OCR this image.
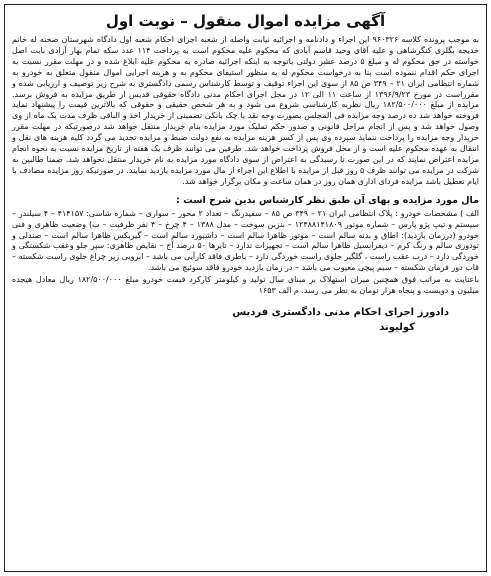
آگهی مزایده اموال منقول – نوبت اول

به موجب پرونده کلاسه ۹۶۰۳۲۶ این اجراء و دادنامه و اجرائیه نیابت واصله از شعبه اجرای احکام شعبه اول دادگاه شهرستان صحنه له خانم خدیجه بگلری کنگرشاهی و علیه آقای وحید قاسم آبادی که محکوم علیه محکوم است به پرداخت ۱۱۴ عدد سکه تمام بهار آزادی بابت اصل خواسته در حق محکوم له و مبلغ ۵ درصد عشر دولتی باتوجه به اینکه اجرائیه صادره به محکوم علیه ابلاغ شده و در مهلت مقرر نسبت به اجرای حکم اقدام ننموده است بنا به درخواست محکوم له به منظور استیفای محکوم به و هزینه اجرایی اموال منقول متعلق به خودرو به شماره انتظامی ایران ۲۱ – ۳۴۹ ص ۸۵ از سوی این اجراء توقیف و توسط کارشناس رسمی دادگستری به شرح زیر توصیف و ارزیابی شده و مقرراست در مورخ ۱۳۹۶/۹/۲۳ از ساعت ۱۱ الی ۱۲ در محل اجرای احکام مدنی دادگاه حقوقی قدیس از طریق مزایده به فروش برسد. مزایده از مبلغ ۱۸۲/۵۰۰/۰۰۰ ریال نظریه کارشناسی شروع می شود و به هر شخص حقیقی و حقوقی که بالاترین قیمت را پیشنهاد نماید فروخته خواهد شد ده درصد وجه مزایده فی المجلس بصورت وجه نقد یا چک بانکی تضمینی از خریدار اخذ و الباقی ظرف مدت یک ماه از وی وصول خواهد شد و پس از انجام مراحل قانونی و صدور حکم تملیک مورد مزایده بنام خریدار منتقل خواهد شد درصورتیکه در مهلت مقرر خریدار وجه مزایده را پرداخت ننماید سپرده وی پس از کسر هزینه مزایده به نفع دولت ضبط و مزایده تجدید می گردد کلیه هزینه های نقل و انتقال به عهده محکوم علیه است و از محل فروش پرداخت خواهد شد. طرفین می توانند ظرف یک هفته از تاریخ مزایده نسبت به نحوه انجام مزایده اعتراض نمایند که در این صورت تا رسیدگی به اعتراض از سوی دادگاه مورد مزایده به نام خریدار منتقل نخواهد شد. ضمنا طالبین به شرکت در مزایده می توانند ظرف ۵ روز قبل از مزایده با اطلاع این اجراء از مال مورد مزایده بازدید نمایند. در صورتیکه روز مزایده مصادف با ایام تعطیل باشد مزایده فردای اداری همان روز در همان ساعت و مکان برگزار خواهد شد.

مال مورد مزایده و بهای آن طبق نظر کارشناس بدین شرح است :

الف ) مشخصات خودرو : پلاک انتظامی ایران ۲۱ – ۳۴۹ ص ۸۵ – سفیدرنگ – تعداد ۲ محور – سواری – شماره شاسی: ۴۱۴۱۵۷ – ۴ سیلندر – سیستم و تیپ پژو پارس – شماره موتور ۱۲۴۸۸۱۴۱۸۰۹ – بنزین سوخت – مدل ۱۳۸۸ – ۴ چرخ – ۴ نفر ظرفیت – ب) وضعیت ظاهری و فنی خودرو (درزمان بازدید): اطاق و بدنه سالم است – موتور ظاهرا سالم است – داشبورد سالم است – گیربکس ظاهرا سالم است – صندلی و تودوزی سالم و رنگ کرم – دیفرانسیل ظاهرا سالم است – تجهیزات ندارد – تایرها ۵۰ درصد آج – نقایص ظاهری: سپر جلو وعقب شکستگی و خوردگی دارد – درب عقب راست ، گلگیر جلوی راست خوردگی دارد – باطری فاقد کارآیی می باشد – ابرویی زیر چراغ جلوی راست شکسته – قاب دور فرمان شکسته – سیم پیچی معیوب می باشد – در زمان بازدید خودرو فاقد سوئیچ می باشد.

باعنایت به مراتب فوق همچنین میزان استهلاک بر مبنای سال تولید و کیلومتر کارکرد قیمت خودرو مبلغ ۱۸۲/۵۰۰/۰۰۰ ریال معادل هیجده میلیون و دویست و پنجاه هزار تومان به نظر می رسد. م الف ۱۶۵۳

دادورز اجرای احکام مدنی دادگستری فردیس
کولیوند
